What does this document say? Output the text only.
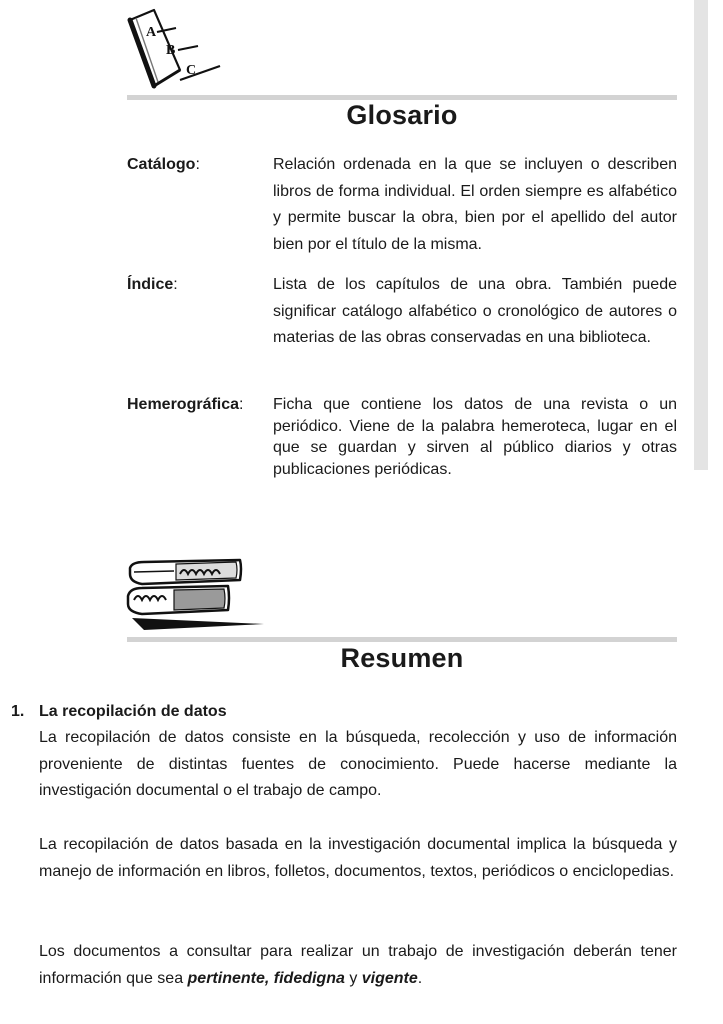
A
B
C
Glosario
Catálogo:	Relación ordenada en la que se incluyen o describen libros de forma individual. El orden siempre es alfabético y permite buscar la obra, bien por el apellido del autor bien por el título de la misma.
Índice:	Lista de los capítulos de una obra. También puede significar catálogo alfabético o cronológico de autores o materias de las obras conservadas en una biblioteca.
Hemerográfica: Ficha que contiene los datos de una revista o un periódico. Viene de la palabra hemeroteca, lugar en el que se guardan y sirven al público diarios y otras publicaciones periódicas.
Resumen
1. La recopilación de datos

La recopilación de datos consiste en la búsqueda, recolección y uso de información proveniente de distintas fuentes de conocimiento. Puede hacerse mediante la investigación documental o el trabajo de campo.

La recopilación de datos basada en la investigación documental implica la búsqueda y manejo de información en libros, folletos, documentos, textos, periódicos o enciclopedias.

Los documentos a consultar para realizar un trabajo de investigación deberán tener información que sea pertinente, fidedigna y vigente.
